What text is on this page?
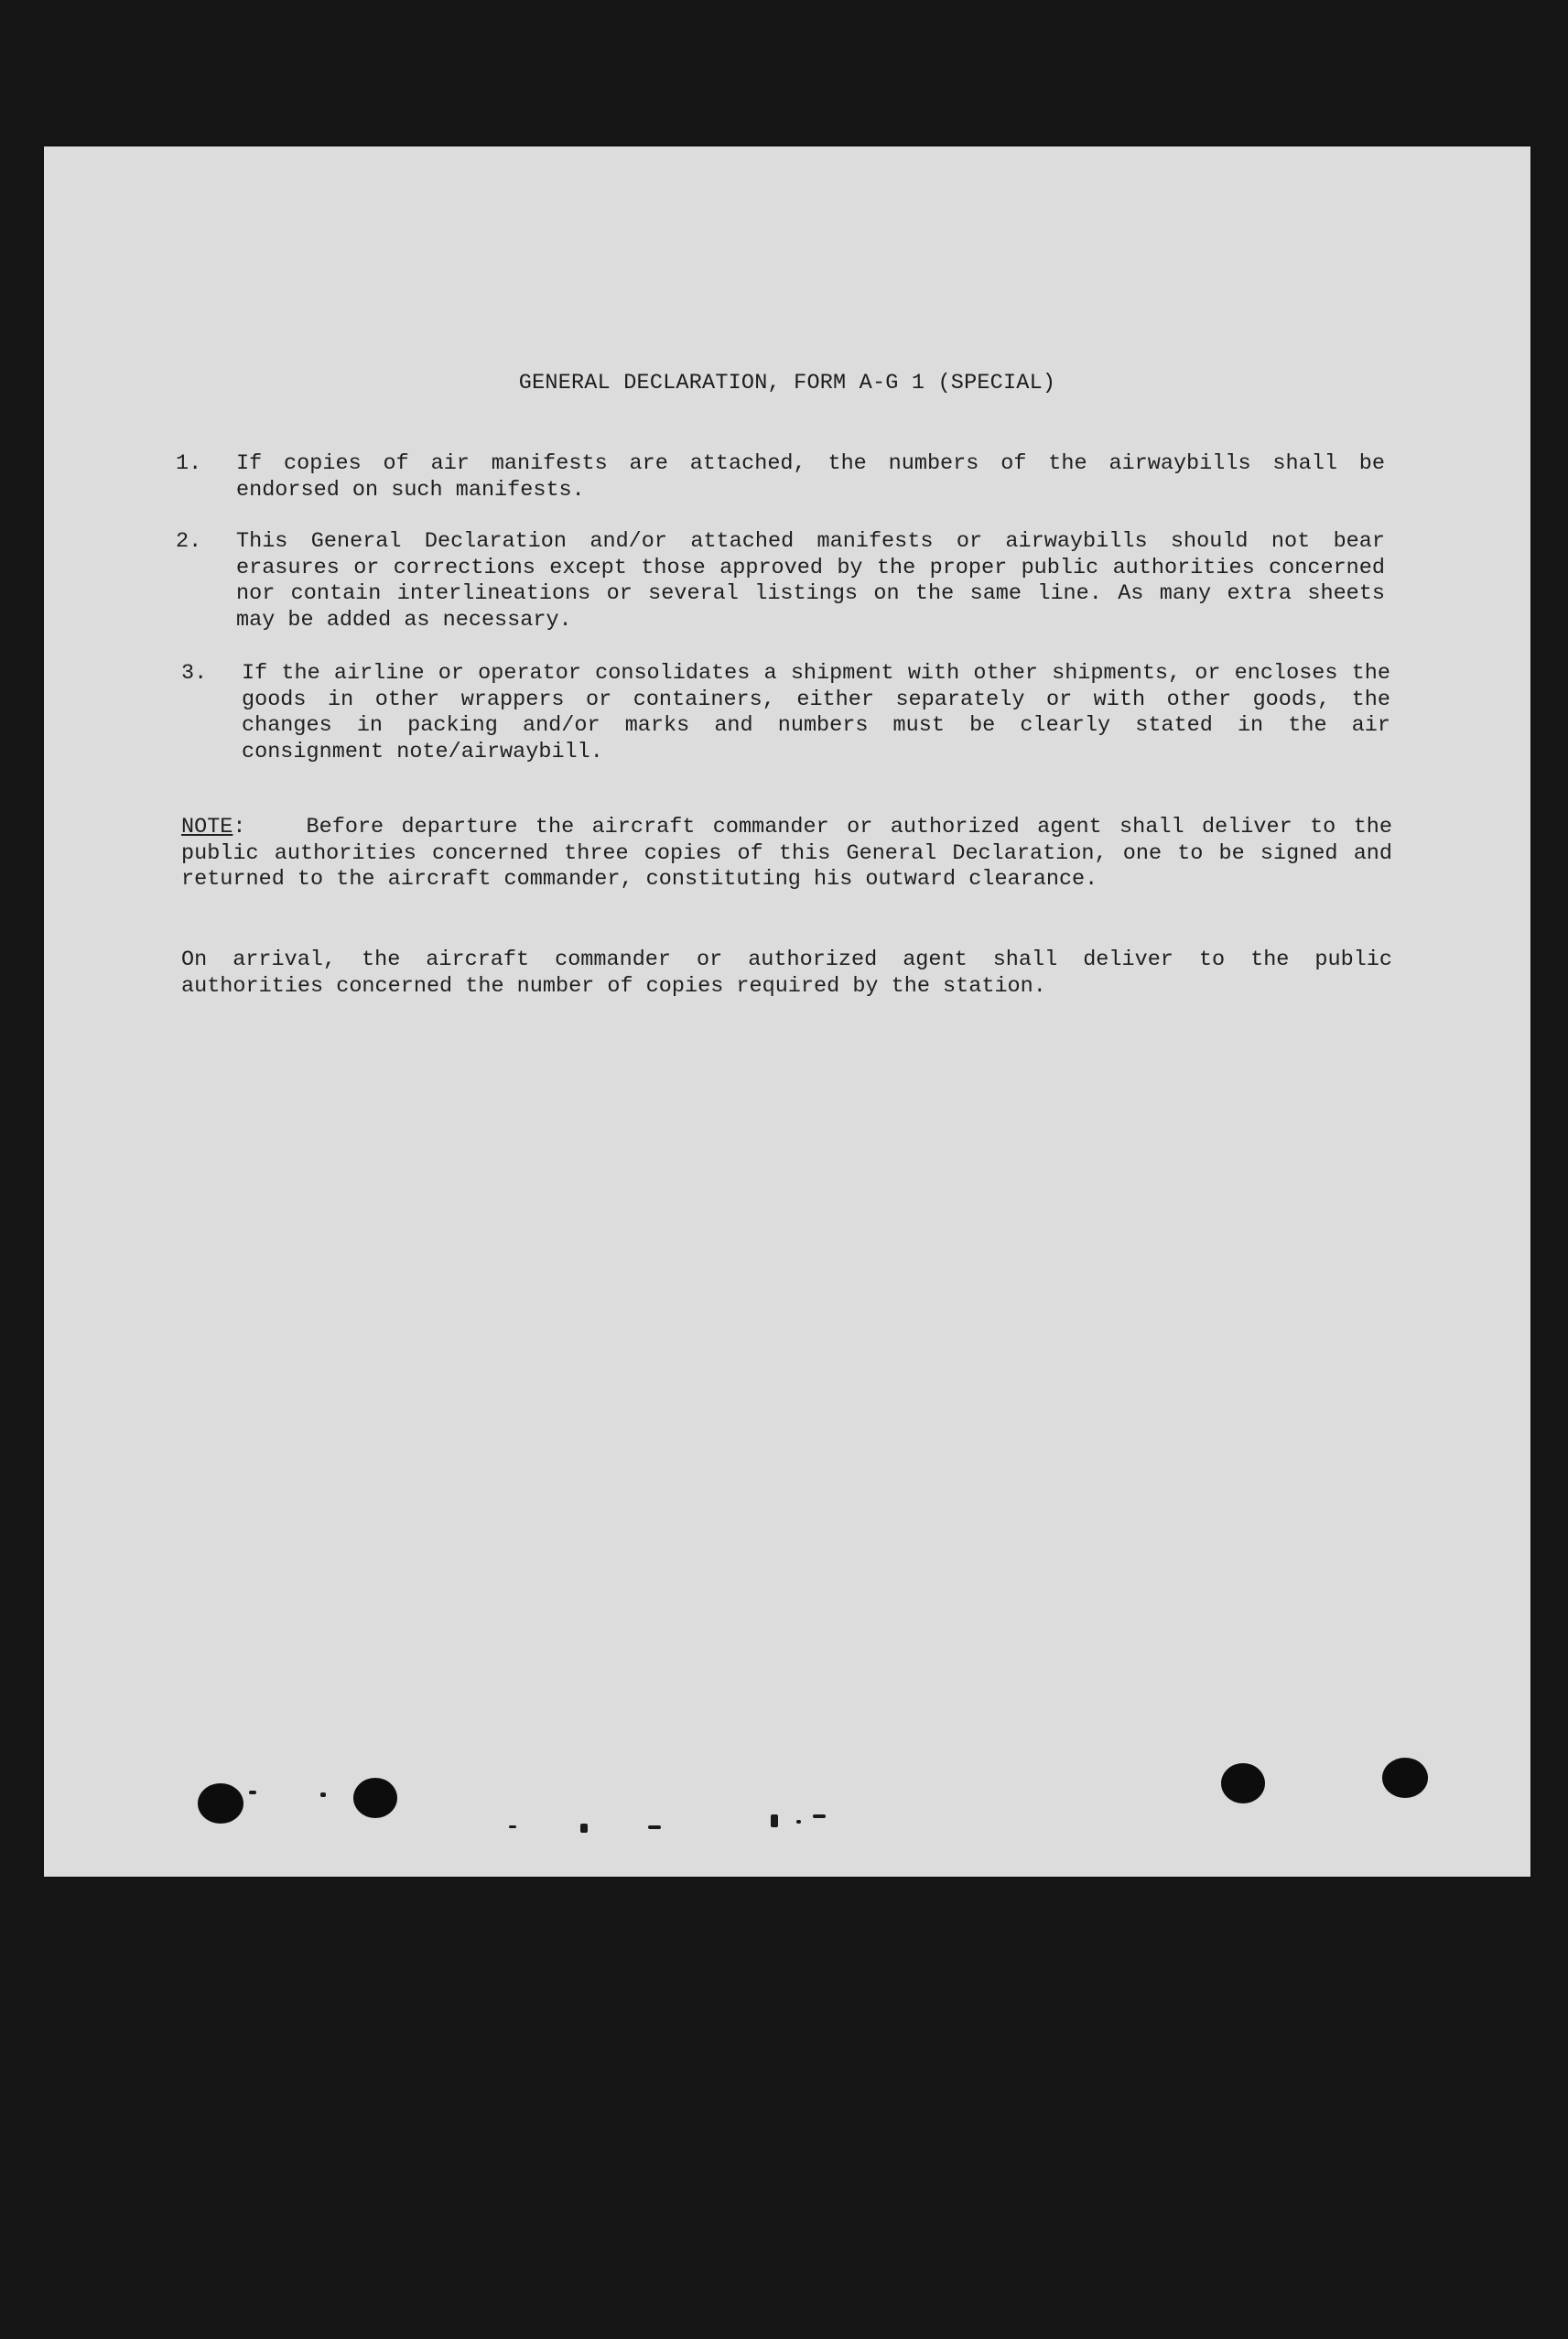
GENERAL DECLARATION, FORM A-G 1 (SPECIAL)
1. If copies of air manifests are attached, the numbers of the airwaybills shall be endorsed on such manifests.

2. This General Declaration and/or attached manifests or airwaybills should not bear erasures or corrections except those approved by the proper public authorities concerned nor contain interlineations or several listings on the same line. As many extra sheets may be added as necessary.

3. If the airline or operator consolidates a shipment with other shipments, or encloses the goods in other wrappers or containers, either separately or with other goods, the changes in packing and/or marks and numbers must be clearly stated in the air consignment note/airwaybill.

NOTE:	Before departure the aircraft commander or authorized agent shall deliver to the public authorities concerned three copies of this General Declaration, one to be signed and returned to the aircraft commander, constituting his outward clearance.

On arrival, the aircraft commander or authorized agent shall deliver to the public authorities concerned the number of copies required by the station.
